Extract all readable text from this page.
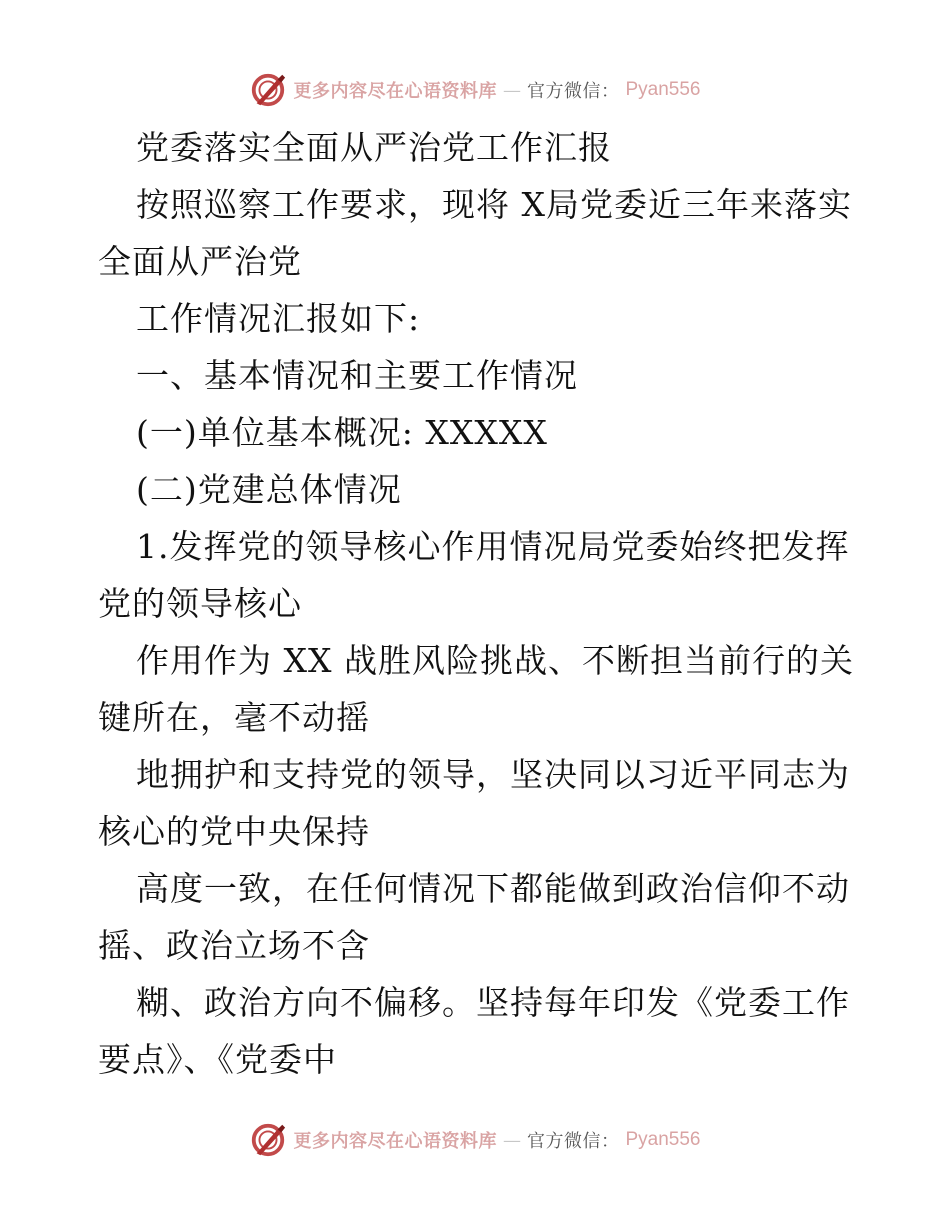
更多内容尽在心语资料库 — 官方微信： Pyan556

党委落实全面从严治党工作汇报

按照巡察工作要求，现将 X局党委近三年来落实全面从严治党

工作情况汇报如下:

一、基本情况和主要工作情况

(一)单位基本概况: XXXXX

(二)党建总体情况

1.发挥党的领导核心作用情况局党委始终把发挥党的领导核心

作用作为 XX 战胜风险挑战、不断担当前行的关键所在，毫不动摇

地拥护和支持党的领导，坚决同以习近平同志为核心的党中央保持

高度一致，在任何情况下都能做到政治信仰不动摇、政治立场不含

糊、政治方向不偏移。坚持每年印发《党委工作要点》、《党委中

更多内容尽在心语资料库 — 官方微信： Pyan556
